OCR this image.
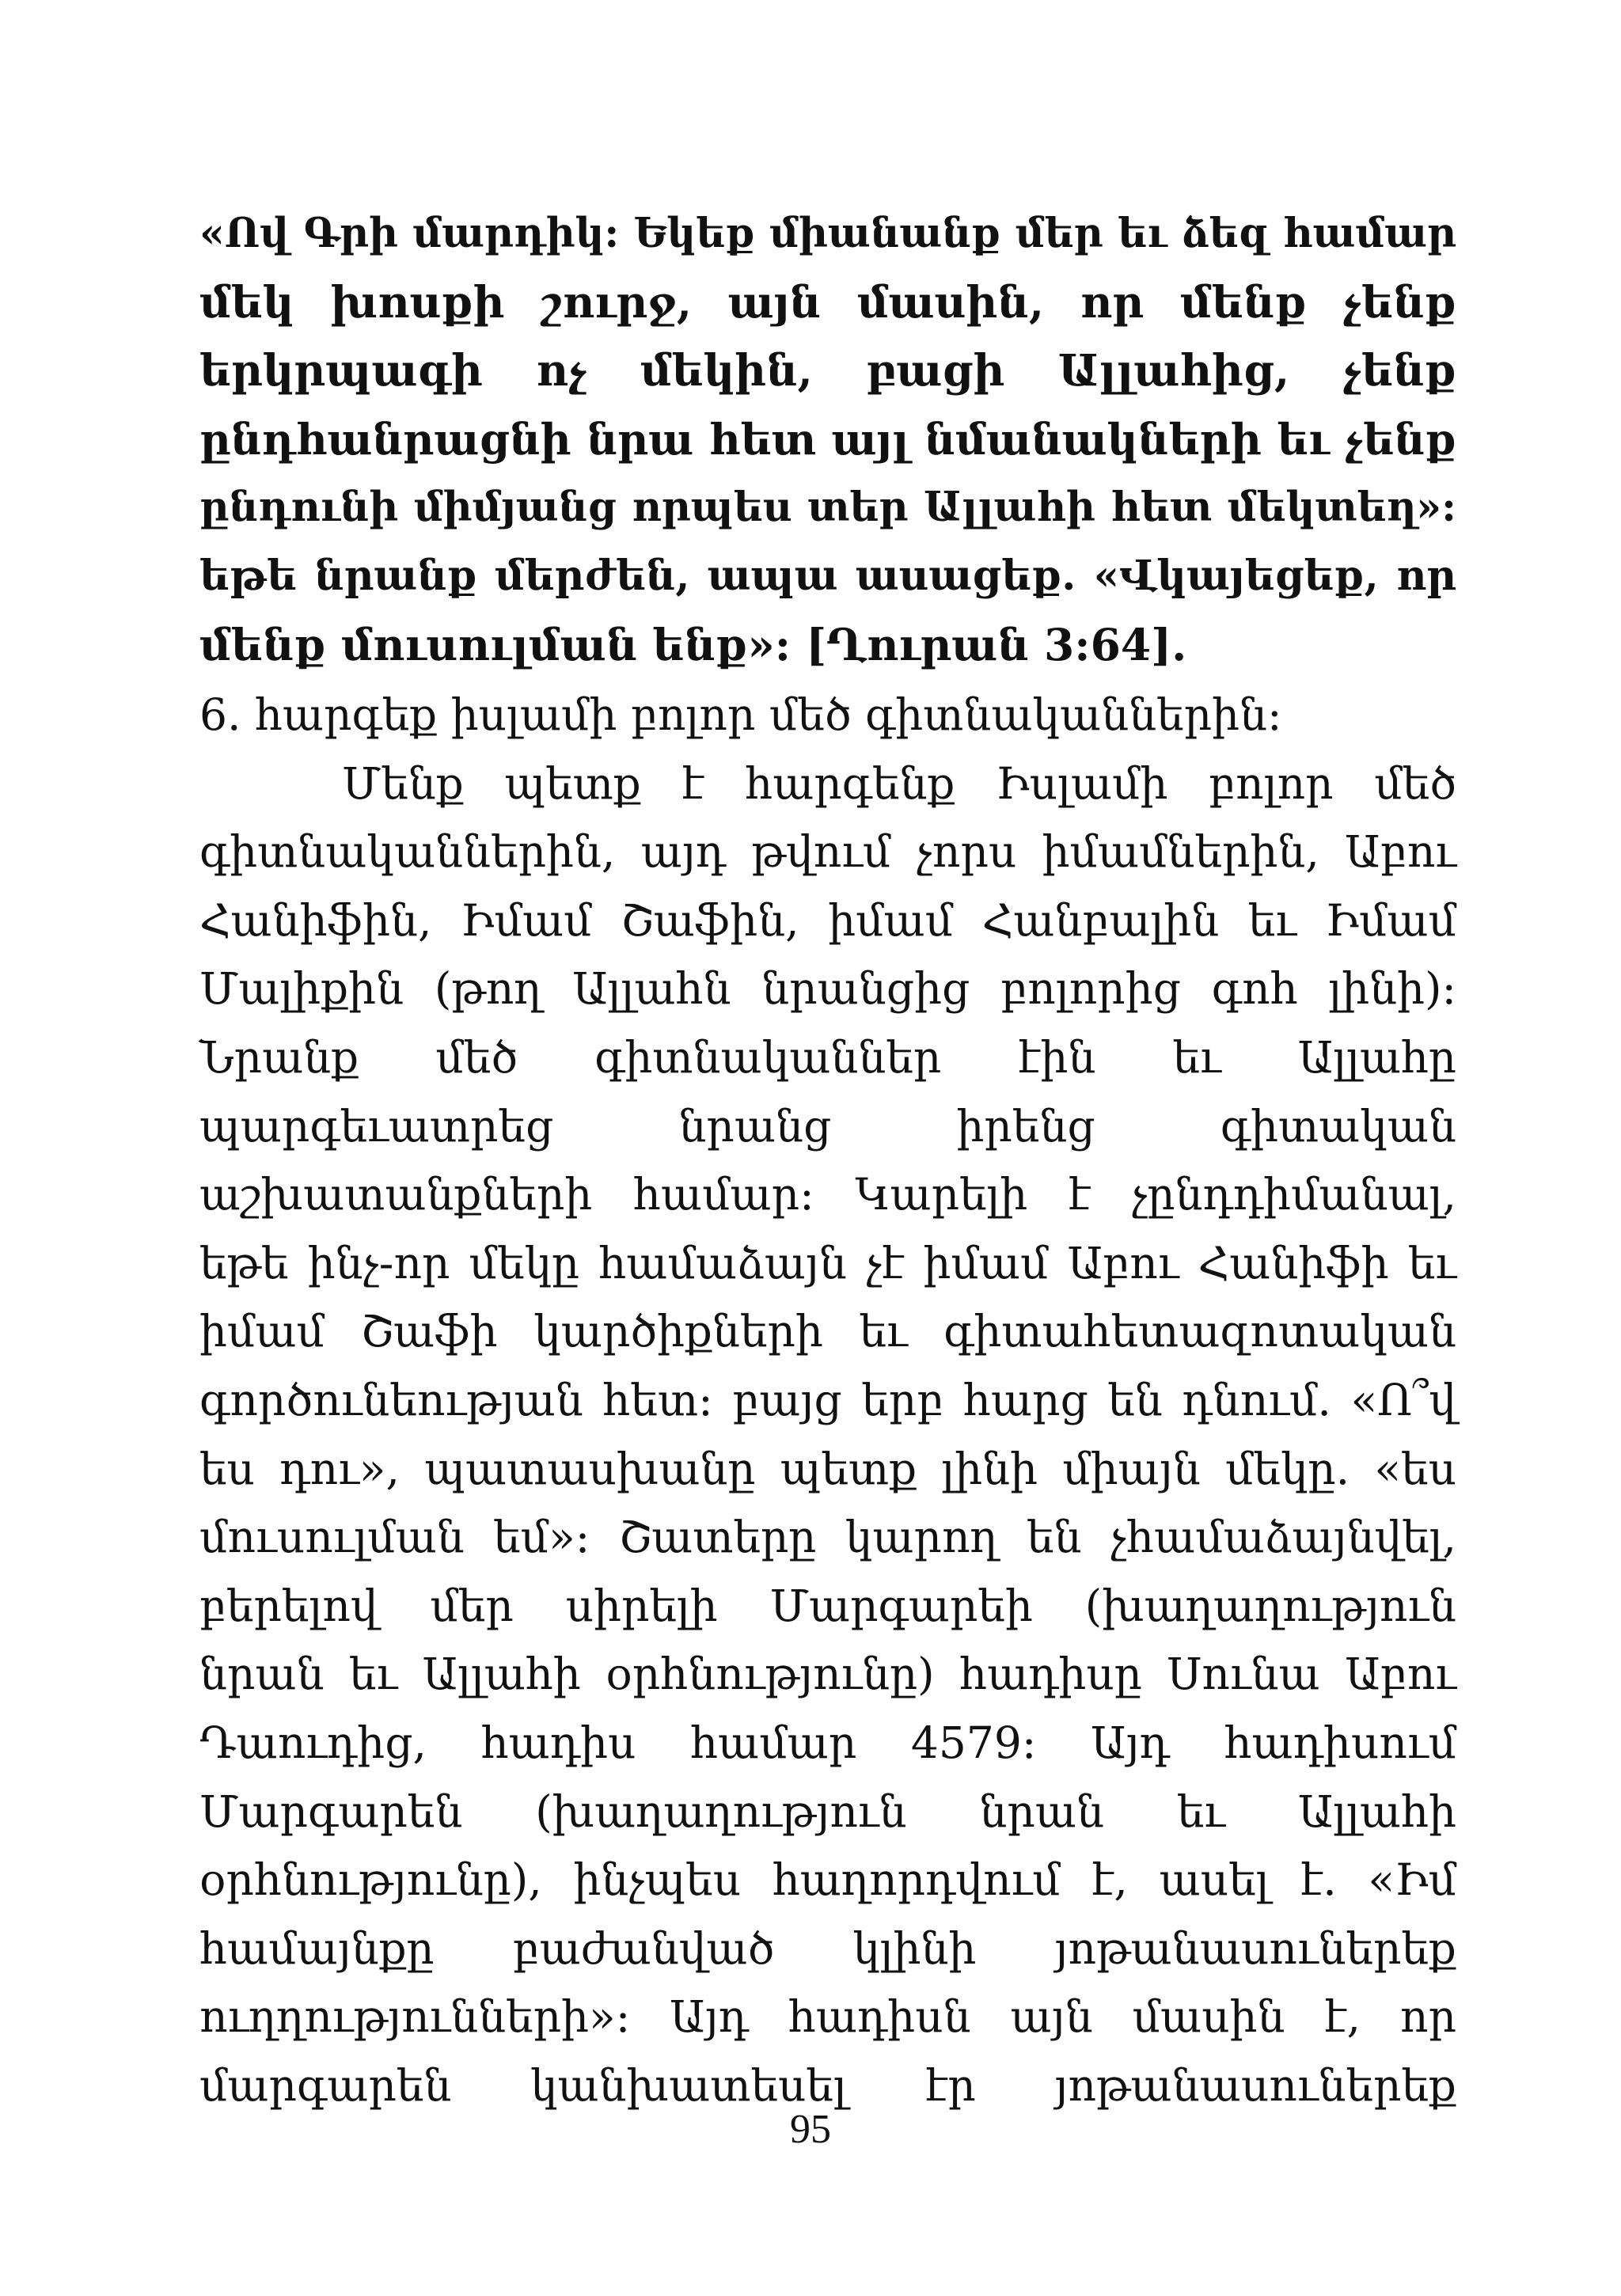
«Ով Գրի մարդիկ: Եկեք միանանք մեր եւ ձեզ համար
մեկ խոսքի շուրջ, այն մասին, որ մենք չենք
երկրպագի ոչ մեկին, բացի Ալլահից, չենք
ընդհանրացնի նրա հետ այլ նմանակների եւ չենք
ընդունի միմյանց որպես տեր Ալլահի հետ մեկտեղ»:
եթե նրանք մերժեն, ապա ասացեք. «Վկայեցեք, որ
մենք մուսուլման ենք»: [Ղուրան 3:64].
6. հարգեք իսլամի բոլոր մեծ գիտնականներին:
Մենք պետք է հարգենք Իսլամի բոլոր մեծ
գիտնականներին, այդ թվում չորս իմամներին, Աբու
Հանիֆին, Իմամ Շաֆին, իմամ Հանբալին եւ Իմամ
Մալիքին (թող Ալլահն նրանցից բոլորից գոհ լինի):
Նրանք մեծ գիտնականներ էին եւ Ալլահը
պարգեւատրեց նրանց իրենց գիտական
աշխատանքների համար: Կարելի է չընդդիմանալ,
եթե ինչ-որ մեկը համաձայն չէ իմամ Աբու Հանիֆի եւ
իմամ Շաֆի կարծիքների եւ գիտահետազոտական
գործունեության հետ: բայց երբ հարց են դնում. «Ո՞վ
ես դու», պատասխանը պետք լինի միայն մեկը. «ես
մուսուլման եմ»: Շատերը կարող են չհամաձայնվել,
բերելով մեր սիրելի Մարգարեի (խաղաղություն
նրան եւ Ալլահի օրհնությունը) հադիսը Սունա Աբու
Դաուդից, հադիս համար 4579: Այդ հադիսում
Մարգարեն (խաղաղություն նրան եւ Ալլահի
օրհնությունը), ինչպես հաղորդվում է, ասել է. «Իմ
համայնքը բաժանված կլինի յոթանասուներեք
ուղղությունների»: Այդ հադիսն այն մասին է, որ
մարգարեն կանխատեսել էր յոթանասուներեք
95
